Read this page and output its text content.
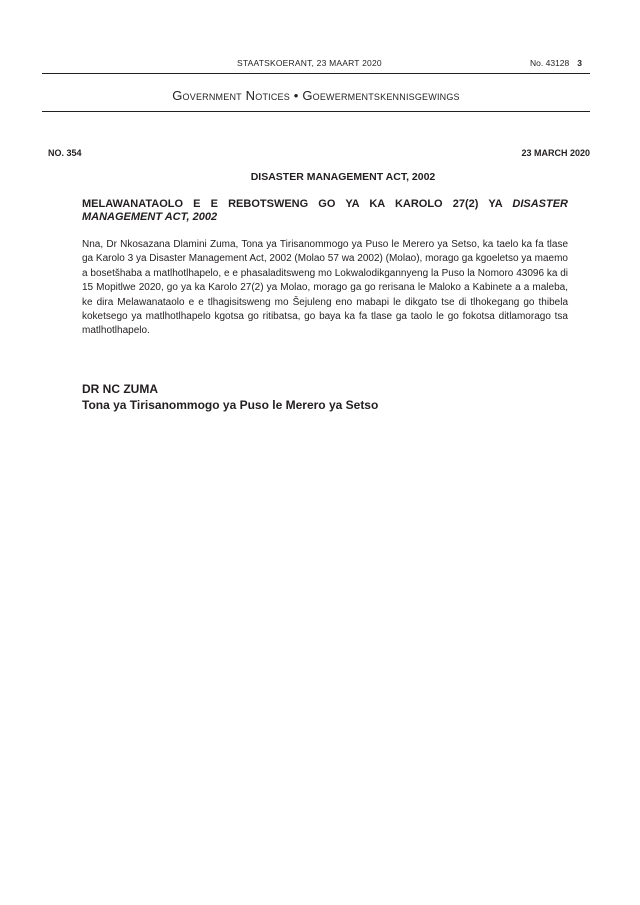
STAATSKOERANT, 23 MAART 2020	No. 43128 3
Government Notices • Goewermentskennisgewings
NO. 354	23 MARCH 2020
DISASTER MANAGEMENT ACT, 2002

MELAWANATAOLO E E REBOTSWENG GO YA KA KAROLO 27(2) YA DISASTER MANAGEMENT ACT, 2002

Nna, Dr Nkosazana Dlamini Zuma, Tona ya Tirisanommogo ya Puso le Merero ya Setso, ka taelo ka fa tlase ga Karolo 3 ya Disaster Management Act, 2002 (Molao 57 wa 2002) (Molao), morago ga kgoeletso ya maemo a bosetšhaba a matlhotlhapelo, e e phasaladitsweng mo Lokwalodikgannyeng la Puso la Nomoro 43096 ka di 15 Mopitlwe 2020, go ya ka Karolo 27(2) ya Molao, morago ga go rerisana le Maloko a Kabinete a a maleba, ke dira Melawanataolo e e tlhagisitsweng mo Šejuleng eno mabapi le dikgato tse di tlhokegang go thibela koketsego ya matlhotlhapelo kgotsa go ritibatsa, go baya ka fa tlase ga taolo le go fokotsa ditlamorago tsa matlhotlhapelo.

DR NC ZUMA
Tona ya Tirisanommogo ya Puso le Merero ya Setso
